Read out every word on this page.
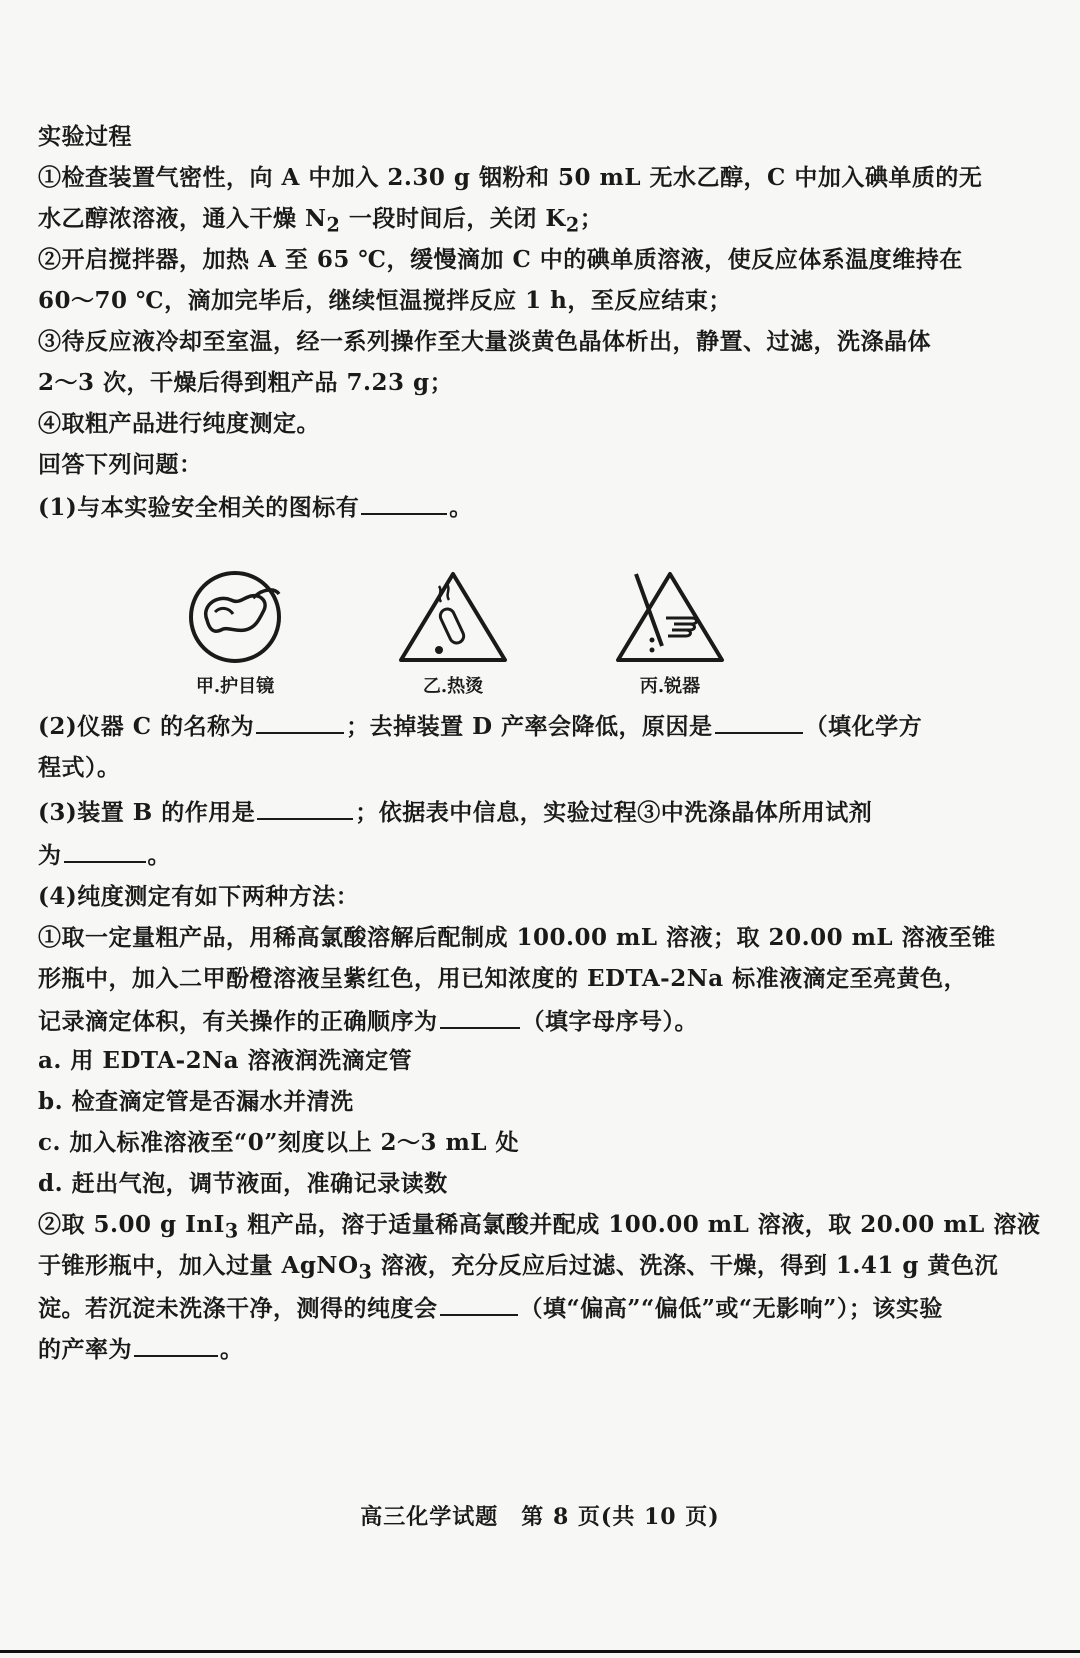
实验过程
①检查装置气密性，向 A 中加入 2.30 g 铟粉和 50 mL 无水乙醇，C 中加入碘单质的无
水乙醇浓溶液，通入干燥 $N_2$ 一段时间后，关闭 $K_2$；
②开启搅拌器，加热 A 至 65 ℃，缓慢滴加 C 中的碘单质溶液，使反应体系温度维持在
60～70 ℃，滴加完毕后，继续恒温搅拌反应 1 h，至反应结束；
③待反应液冷却至室温，经一系列操作至大量淡黄色晶体析出，静置、过滤，洗涤晶体
2～3 次，干燥后得到粗产品 7.23 g；
④取粗产品进行纯度测定。
回答下列问题：
(1)与本实验安全相关的图标有	。
甲.护目镜	乙.热烫	丙.锐器
(2)仪器 C 的名称为	；去掉装置 D 产率会降低，原因是	（填化学方
程式）。
(3)装置 B 的作用是	；依据表中信息，实验过程③中洗涤晶体所用试剂
为	。
(4)纯度测定有如下两种方法：
①取一定量粗产品，用稀高氯酸溶解后配制成 100.00 mL 溶液；取 20.00 mL 溶液至锥
形瓶中，加入二甲酚橙溶液呈紫红色，用已知浓度的 EDTA-2Na 标准液滴定至亮黄色，
记录滴定体积，有关操作的正确顺序为	（填字母序号）。
a. 用 EDTA-2Na 溶液润洗滴定管
b. 检查滴定管是否漏水并清洗
c. 加入标准溶液至“0”刻度以上 2～3 mL 处
d. 赶出气泡，调节液面，准确记录读数
②取 5.00 g InI$_3$ 粗产品，溶于适量稀高氯酸并配成 100.00 mL 溶液，取 20.00 mL 溶液
于锥形瓶中，加入过量 AgNO$_3$ 溶液，充分反应后过滤、洗涤、干燥，得到 1.41 g 黄色沉
淀。若沉淀未洗涤干净，测得的纯度会	（填“偏高”“偏低”或“无影响”）；该实验
的产率为	。
高三化学试题　第 8 页(共 10 页)
